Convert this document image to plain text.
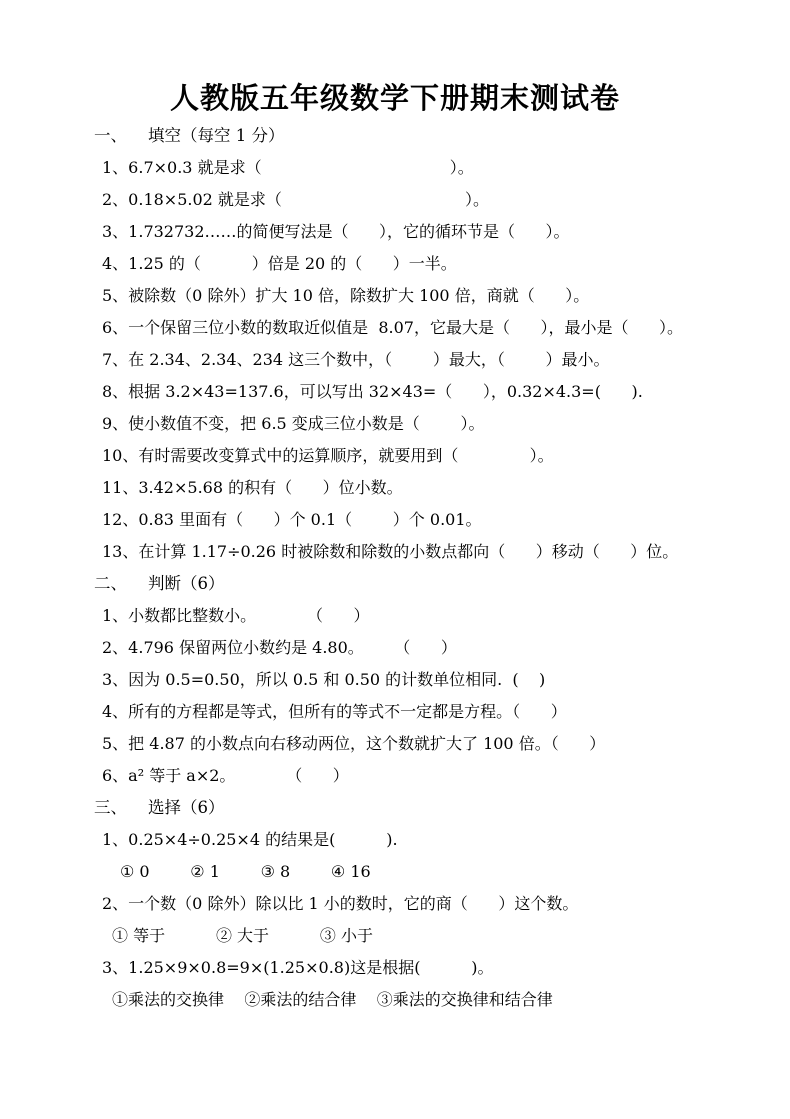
人教版五年级数学下册期末测试卷
一、    填空（每空 1 分）
1、6.7×0.3 就是求（                                     ）。
2、0.18×5.02 就是求（                                    ）。
3、1.732732……的简便写法是（      ），它的循环节是（      ）。
4、1.25 的（          ）倍是 20 的（      ）一半。
5、被除数（0 除外）扩大 10 倍，除数扩大 100 倍，商就（      ）。
6、一个保留三位小数的数取近似值是  8.07，它最大是（      ），最小是（      ）。
7、在 2.34、2.34、234 这三个数中，（        ）最大，（        ）最小。
8、根据 3.2×43=137.6，可以写出 32×43=（      ），0.32×4.3=(      ).
9、使小数值不变，把 6.5 变成三位小数是（        ）。
10、有时需要改变算式中的运算顺序，就要用到（              ）。
11、3.42×5.68 的积有（      ）位小数。
12、0.83 里面有（      ）个 0.1（        ）个 0.01。
13、在计算 1.17÷0.26 时被除数和除数的小数点都向（      ）移动（      ）位。
二、    判断（6）
1、小数都比整数小。          （      ）
2、4.796 保留两位小数约是 4.80。      （      ）
3、因为 0.5=0.50，所以 0.5 和 0.50 的计数单位相同.  (    )
4、所有的方程都是等式，但所有的等式不一定都是方程。（      ）
5、把 4.87 的小数点向右移动两位，这个数就扩大了 100 倍。（      ）
6、a² 等于 a×2。          （      ）
三、    选择（6）
1、0.25×4÷0.25×4 的结果是(          ).
① 0        ② 1        ③ 8        ④ 16
2、一个数（0 除外）除以比 1 小的数时，它的商（      ）这个数。
① 等于          ② 大于          ③ 小于
3、1.25×9×0.8=9×(1.25×0.8)这是根据(          )。
①乘法的交换律    ②乘法的结合律    ③乘法的交换律和结合律
